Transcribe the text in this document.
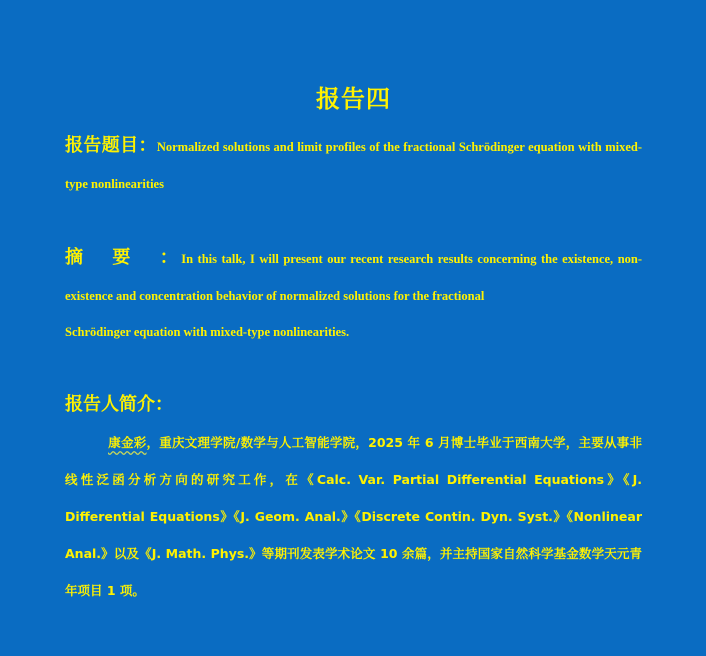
报告四
报告题目：Normalized solutions and limit profiles of the fractional Schrödinger equation with mixed-type nonlinearities
摘要： In this talk, I will present our recent research results concerning the existence, non-existence and concentration behavior of normalized solutions for the fractional
Schrödinger equation with mixed-type nonlinearities.
报告人简介：
康金彩，重庆文理学院/数学与人工智能学院，2025 年 6 月博士毕业于西南大学，主要从事非线性泛函分析方向的研究工作，在《Calc. Var. Partial Differential Equations》《J. Differential Equations》《J. Geom. Anal.》《Discrete Contin. Dyn. Syst.》《Nonlinear Anal.》以及《J. Math. Phys.》等期刊发表学术论文 10 余篇，并主持国家自然科学基金数学天元青年项目 1 项。
